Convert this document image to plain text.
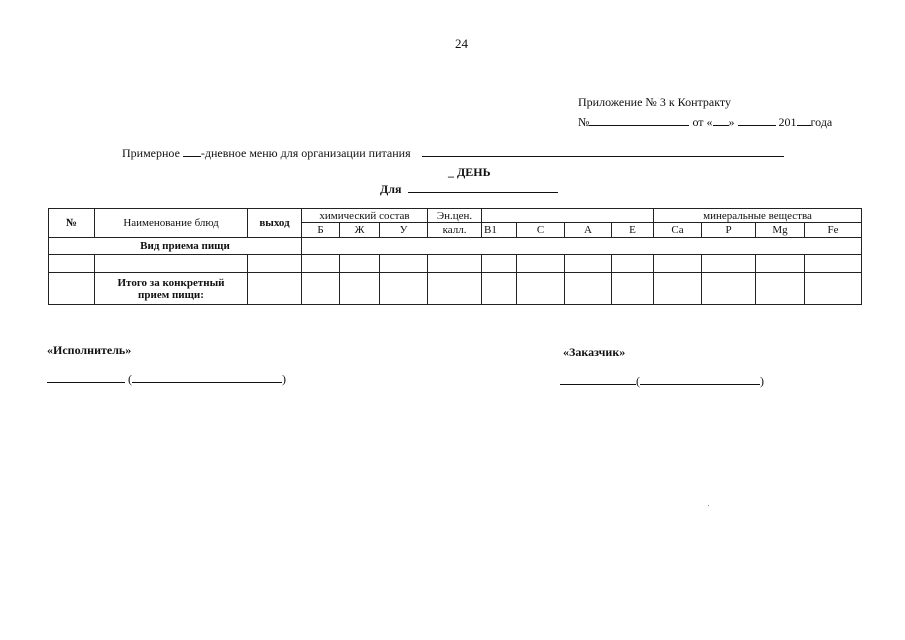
24
Приложение № 3 к Контракту
№	от « »	201 года
Примерное -дневное меню для организации питания
_ ДЕНЬ
Для
№	Наименование блюд	выход	химический состав			Эн.цен.					минеральные вещества			
			Б	Ж	У	калл.	В1	С	А	Е	Са	Р	Mg	Fe
Вид приема пищи														

	Итого за конкретный
прием пищи:													

«Исполнитель»	«Заказчик»
(	)	(	)
